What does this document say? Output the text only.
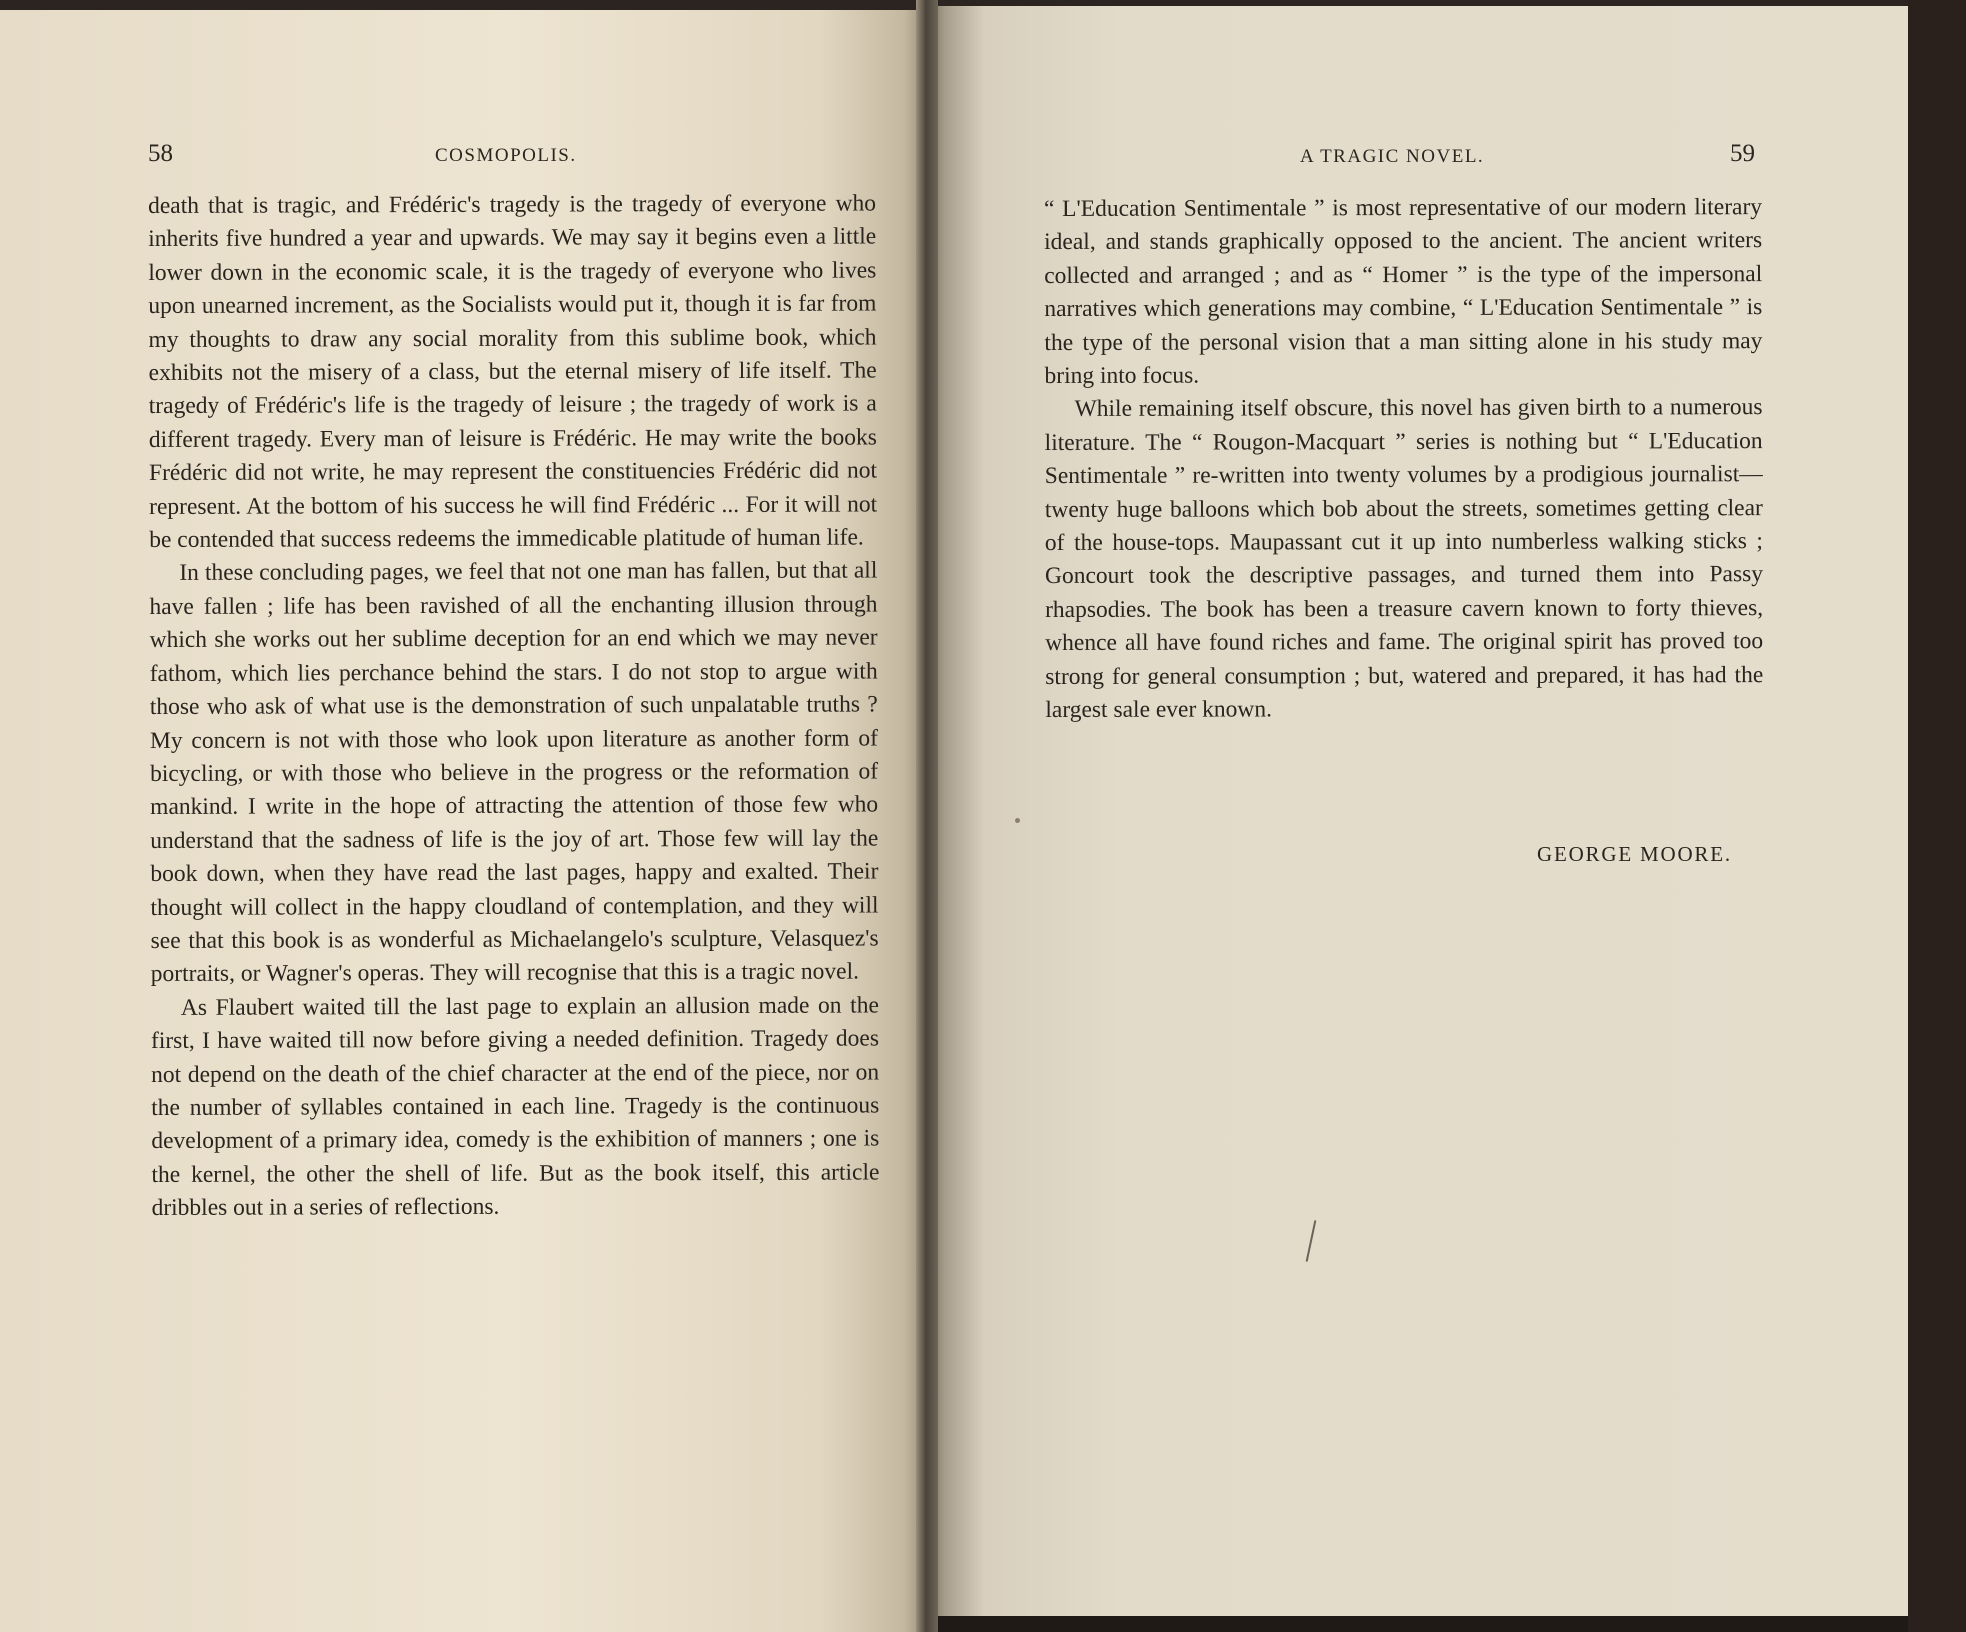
58	COSMOPOLIS.	A TRAGIC NOVEL.	59

death that is tragic, and Frédéric's tragedy is the tragedy of everyone who inherits five hundred a year and upwards. We may say it begins even a little lower down in the economic scale, it is the tragedy of everyone who lives upon unearned increment, as the Socialists would put it, though it is far from my thoughts to draw any social morality from this sublime book, which exhibits not the misery of a class, but the eternal misery of life itself. The tragedy of Frédéric's life is the tragedy of leisure ; the tragedy of work is a different tragedy. Every man of leisure is Frédéric. He may write the books Frédéric did not write, he may represent the constituencies Frédéric did not represent. At the bottom of his success he will find Frédéric ... For it will not be contended that success redeems the immedicable platitude of human life.

In these concluding pages, we feel that not one man has fallen, but that all have fallen ; life has been ravished of all the enchanting illusion through which she works out her sublime deception for an end which we may never fathom, which lies perchance behind the stars. I do not stop to argue with those who ask of what use is the demonstration of such unpalatable truths ? My concern is not with those who look upon literature as another form of bicycling, or with those who believe in the progress or the reformation of mankind. I write in the hope of attracting the attention of those few who understand that the sadness of life is the joy of art. Those few will lay the book down, when they have read the last pages, happy and exalted. Their thought will collect in the happy cloudland of contemplation, and they will see that this book is as wonderful as Michaelangelo's sculpture, Velasquez's portraits, or Wagner's operas. They will recognise that this is a tragic novel.

As Flaubert waited till the last page to explain an allusion made on the first, I have waited till now before giving a needed definition. Tragedy does not depend on the death of the chief character at the end of the piece, nor on the number of syllables contained in each line. Tragedy is the continuous development of a primary idea, comedy is the exhibition of manners ; one is the kernel, the other the shell of life. But as the book itself, this article dribbles out in a series of reflections.

“ L'Education Sentimentale ” is most representative of our modern literary ideal, and stands graphically opposed to the ancient. The ancient writers collected and arranged ; and as “ Homer ” is the type of the impersonal narratives which generations may combine, “ L'Education Sentimentale ” is the type of the personal vision that a man sitting alone in his study may bring into focus.

While remaining itself obscure, this novel has given birth to a numerous literature. The “ Rougon-Macquart ” series is nothing but “ L'Education Sentimentale ” re-written into twenty volumes by a prodigious journalist—twenty huge balloons which bob about the streets, sometimes getting clear of the house-tops. Maupassant cut it up into numberless walking sticks ; Goncourt took the descriptive passages, and turned them into Passy rhapsodies. The book has been a treasure cavern known to forty thieves, whence all have found riches and fame. The original spirit has proved too strong for general consumption ; but, watered and prepared, it has had the largest sale ever known.

GEORGE MOORE.
